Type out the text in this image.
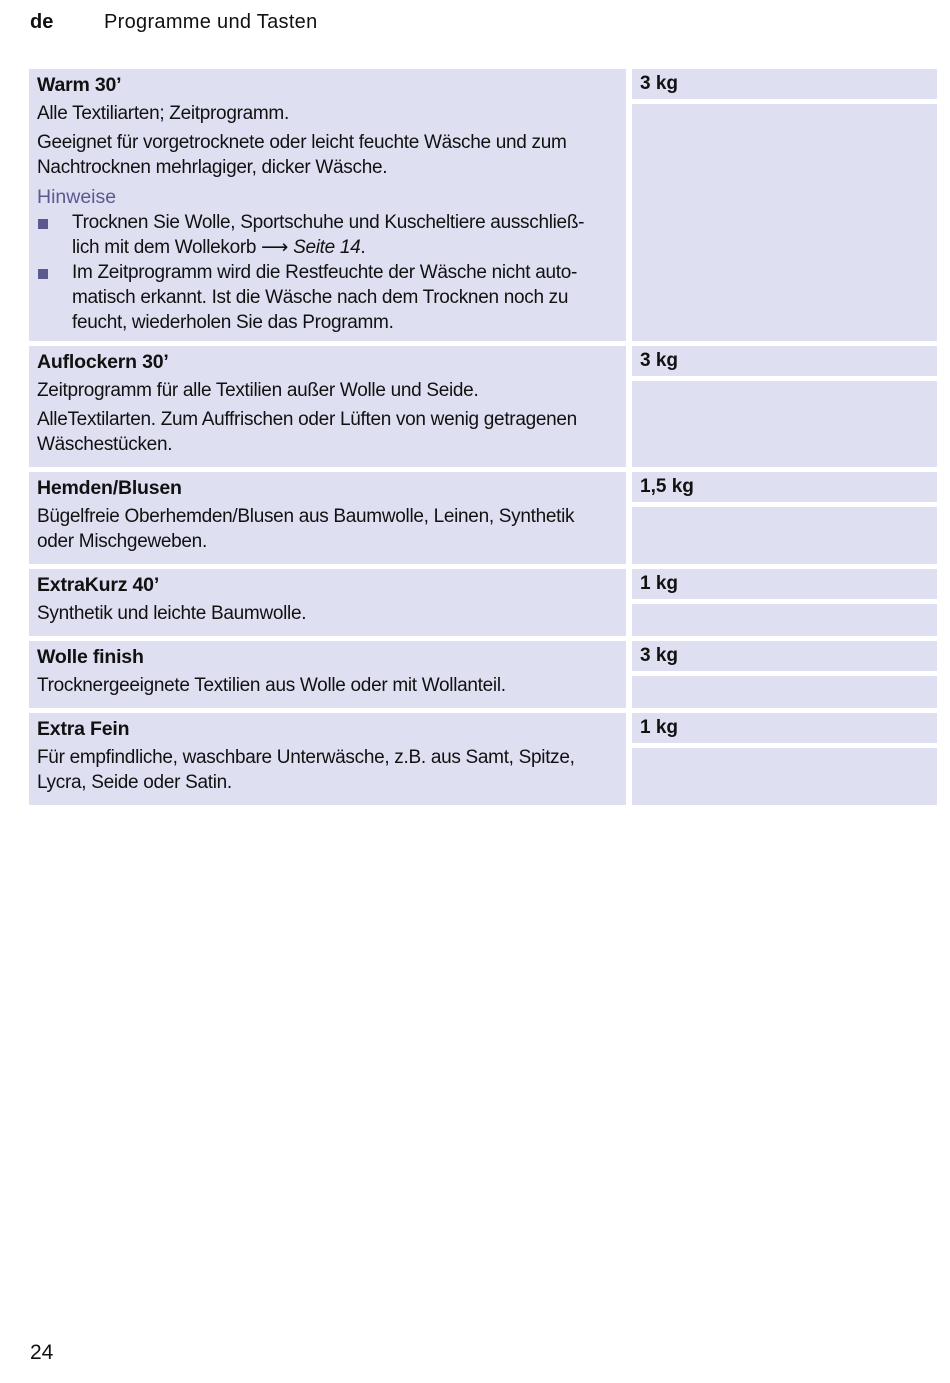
de	Programme und Tasten

Warm 30’

Alle Textiliarten; Zeitprogramm.

Geeignet für vorgetrocknete oder leicht feuchte Wäsche und zum Nachtrocknen mehrlagiger, dicker Wäsche.

Hinweise

Trocknen Sie Wolle, Sportschuhe und Kuscheltiere ausschließ-lich mit dem Wollekorb ⟶ Seite 14.
Im Zeitprogramm wird die Restfeuchte der Wäsche nicht auto-matisch erkannt. Ist die Wäsche nach dem Trocknen noch zu feucht, wiederholen Sie das Programm.
3 kg

Auflockern 30’

Zeitprogramm für alle Textilien außer Wolle und Seide.

AlleTextilarten. Zum Auffrischen oder Lüften von wenig getragenen Wäschestücken.

3 kg

Hemden/Blusen

Bügelfreie Oberhemden/Blusen aus Baumwolle, Leinen, Synthetik oder Mischgeweben.

1,5 kg

ExtraKurz 40’

Synthetik und leichte Baumwolle.

1 kg

Wolle finish

Trocknergeeignete Textilien aus Wolle oder mit Wollanteil.

3 kg

Extra Fein

Für empfindliche, waschbare Unterwäsche, z.B. aus Samt, Spitze, Lycra, Seide oder Satin.

1 kg
24
